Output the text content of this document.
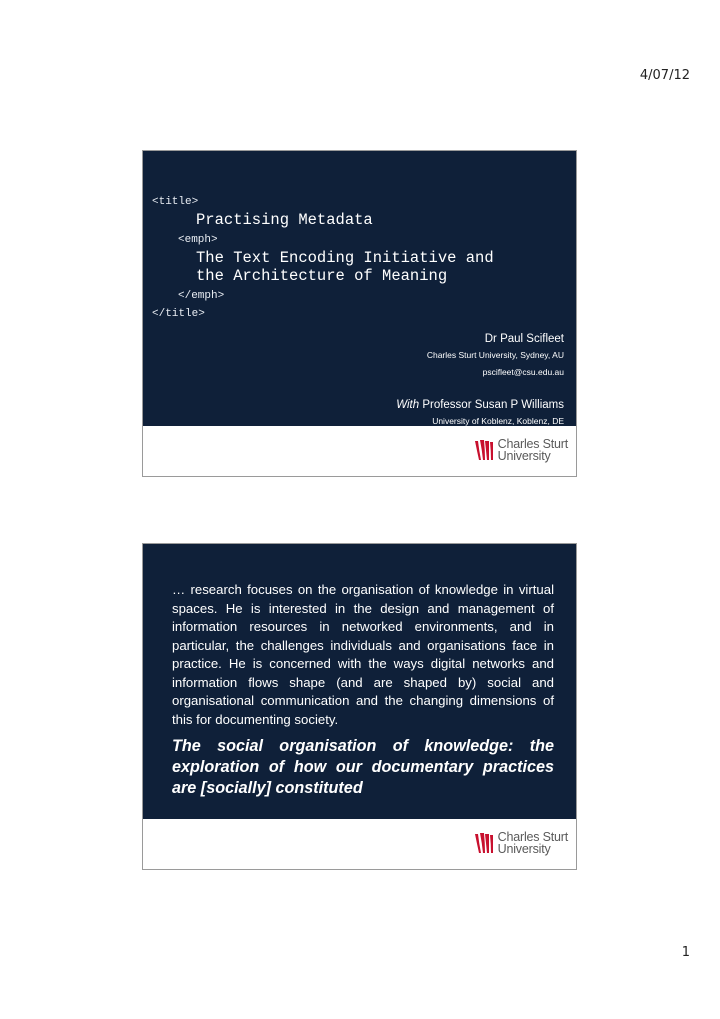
4/07/12
<title>
Practising Metadata
<emph>
The Text Encoding Initiative and
the Architecture of Meaning
</emph>
</title>
Dr Paul Scifleet
Charles Sturt University, Sydney, AU
pscifleet@csu.edu.au
With Professor Susan P Williams
University of Koblenz, Koblenz, DE
Charles Sturt
University
… research focuses on the organisation of knowledge in virtual spaces. He is interested in the design and management of information resources in networked environments, and in particular, the challenges individuals and organisations face in practice. He is concerned with the ways digital networks and information flows shape (and are shaped by) social and organisational communication and the changing dimensions of this for documenting society.
The social organisation of knowledge: the exploration of how our documentary practices are [socially] constituted
Charles Sturt
University
1
